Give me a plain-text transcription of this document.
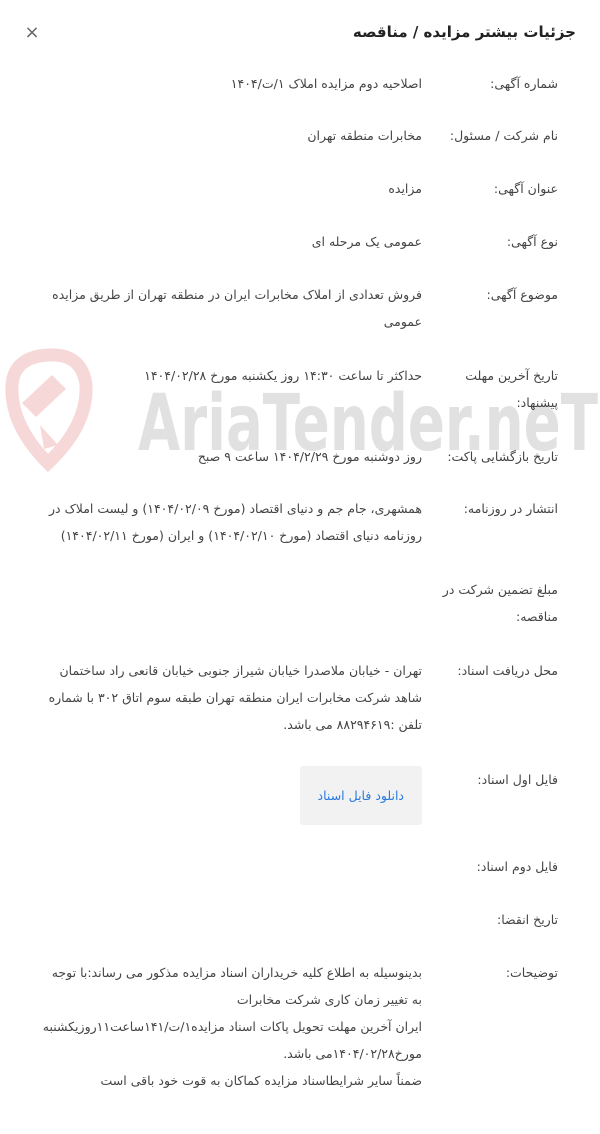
جزئیات بیشتر مزایده / مناقصه
×
AriaTender.neT
شماره آگهی:
اصلاحیه دوم مزایده املاک ۱/ت/۱۴۰۴
نام شرکت / مسئول:
مخابرات منطقه تهران
عنوان آگهی:
مزایده
نوع آگهی:
عمومی یک مرحله ای
موضوع آگهی:
فروش تعدادی از املاک مخابرات ایران در منطقه تهران از طریق مزایده عمومی
تاریخ آخرین مهلت پیشنهاد:
حداکثر تا ساعت ۱۴:۳۰ روز یکشنبه مورخ ۱۴۰۴/۰۲/۲۸
تاریخ بازگشایی پاکت:
روز دوشنبه مورخ ۱۴۰۴/۲/۲۹ ساعت ۹ صبح
انتشار در روزنامه:
همشهری، جام جم و دنیای اقتصاد (مورخ ۱۴۰۴/۰۲/۰۹) و لیست املاک در روزنامه دنیای اقتصاد (مورخ ۱۴۰۴/۰۲/۱۰) و ایران (مورخ ۱۴۰۴/۰۲/۱۱)
مبلغ تضمین شرکت در مناقصه:
محل دریافت اسناد:
تهران - خیابان ملاصدرا خیابان شیراز جنوبی خیابان قانعی راد ساختمان شاهد شرکت مخابرات ایران منطقه تهران طبقه سوم اتاق ۳۰۲ با شماره تلفن :۸۸۲۹۴۶۱۹ می باشد.
فایل اول اسناد:
دانلود فایل اسناد
فایل دوم اسناد:
تاریخ انقضا:
توضیحات:
بدینوسیله به اطلاع کلیه خریداران اسناد مزایده مذکور می رساند:با توجه
به تغییر زمان کاری شرکت مخابرات
ایران آخرین مهلت تحویل پاکات اسناد مزایده۱/ت/۱۴۱ساعت۱۱روزیکشنبه
مورخ۱۴۰۴/۰۲/۲۸می باشد.
ضمناً سایر شرایطاسناد مزایده کماکان به قوت خود باقی است
